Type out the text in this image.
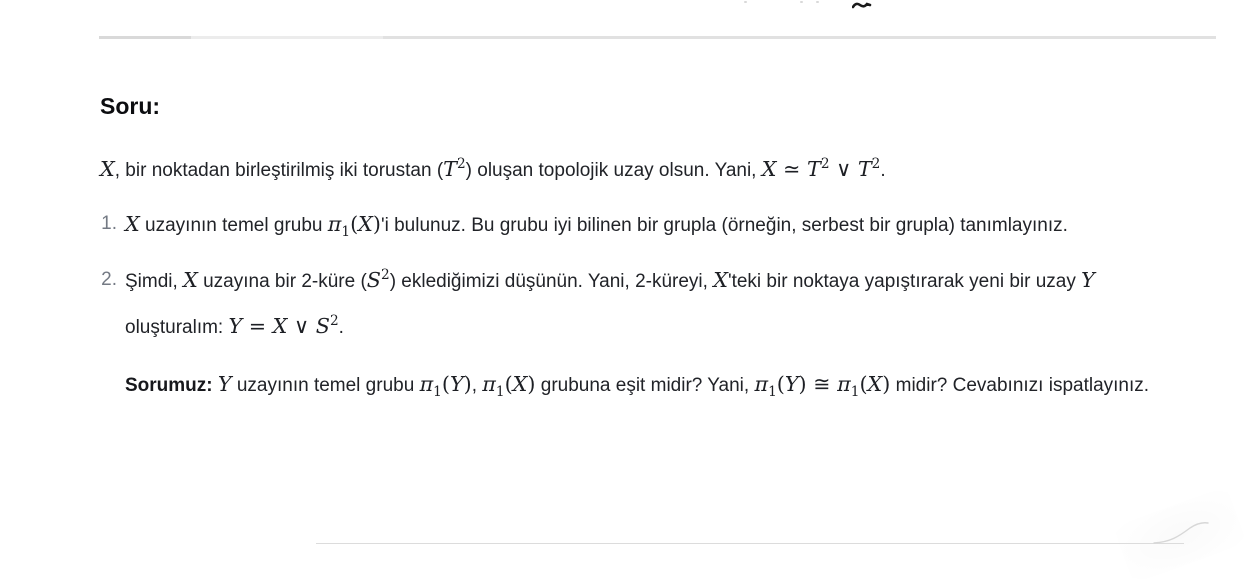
Soru:

X, bir noktadan birleştirilmiş iki torustan $(T^2)$ oluşan topolojik uzay olsun. Yani, X ≃ $T^2$ ∨ $T^2$.

1. X uzayının temel grubu $\pi_1(X)'i$ bulunuz. Bu grubu iyi bilinen bir grupla (örneğin, serbest bir grupla) tanımlayınız.
2. Şimdi, X uzayına bir 2-küre $(S^2)$ eklediğimizi düşünün. Yani, 2-küreyi, X'teki bir noktaya yapıştırarak yeni bir uzay Y oluşturalım: Y = X ∨ $S^2$.
Sorumuz: Y uzayının temel grubu $\pi_1(Y)$, $\pi_1(X)$ grubuna eşit midir? Yani, $\pi_1(Y)$ ≅ $\pi_1(X)$ midir? Cevabınızı ispatlayınız.
